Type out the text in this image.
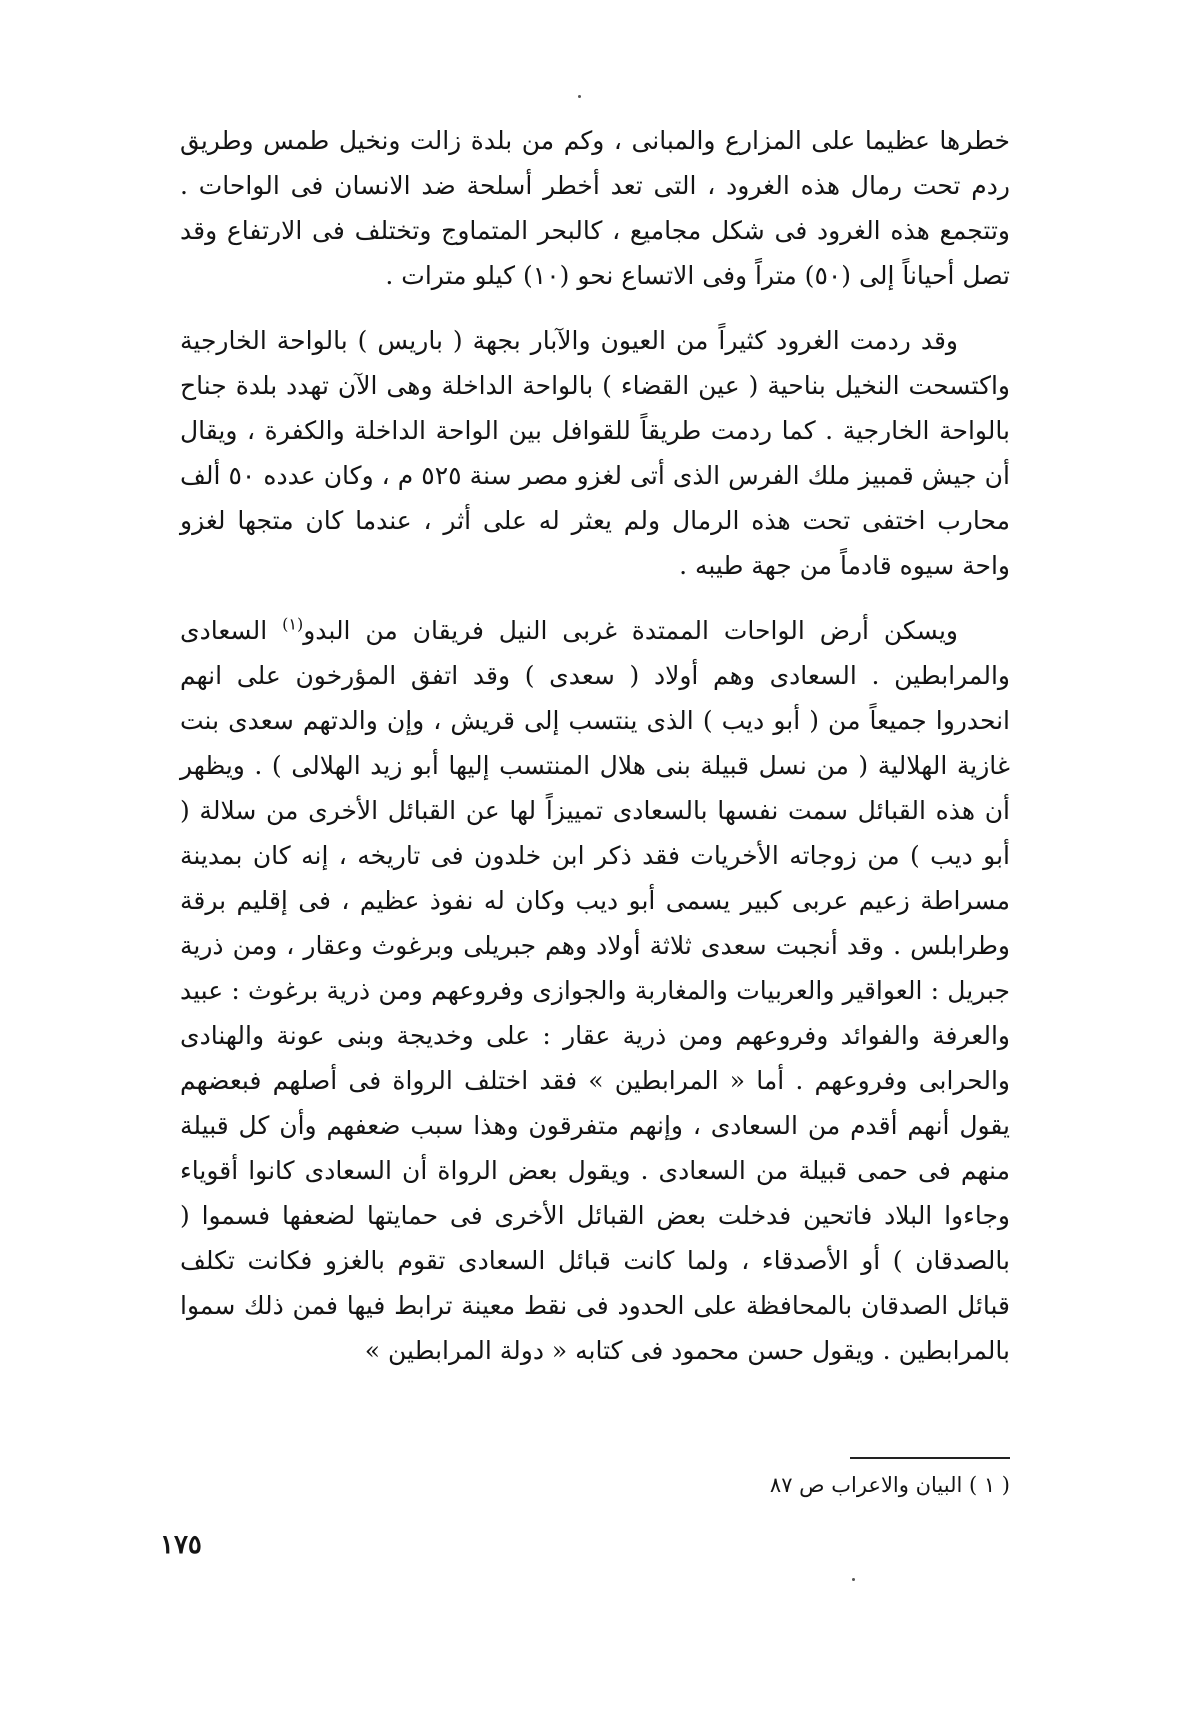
خطرها عظيما على المزارع والمبانى ، وكم من بلدة زالت ونخيل طمس وطريق ردم تحت رمال هذه الغرود ، التى تعد أخطر أسلحة ضد الانسان فى الواحات . وتتجمع هذه الغرود فى شكل مجاميع ، كالبحر المتماوج وتختلف فى الارتفاع وقد تصل أحياناً إلى (٥٠) متراً وفى الاتساع نحو (١٠) كيلو مترات .

وقد ردمت الغرود كثيراً من العيون والآبار بجهة ( باريس ) بالواحة الخارجية واكتسحت النخيل بناحية ( عين القضاء ) بالواحة الداخلة وهى الآن تهدد بلدة جناح بالواحة الخارجية . كما ردمت طريقاً للقوافل بين الواحة الداخلة والكفرة ، ويقال أن جيش قمبيز ملك الفرس الذى أتى لغزو مصر سنة ٥٢٥ م ، وكان عدده ٥٠ ألف محارب اختفى تحت هذه الرمال ولم يعثر له على أثر ، عندما كان متجها لغزو واحة سيوه قادماً من جهة طيبه .

ويسكن أرض الواحات الممتدة غربى النيل فريقان من البدو$^{(١)}$ السعادى والمرابطين . السعادى وهم أولاد ( سعدى ) وقد اتفق المؤرخون على انهم انحدروا جميعاً من ( أبو ديب ) الذى ينتسب إلى قريش ، وإن والدتهم سعدى بنت غازية الهلالية ( من نسل قبيلة بنى هلال المنتسب إليها أبو زيد الهلالى ) . ويظهر أن هذه القبائل سمت نفسها بالسعادى تمييزاً لها عن القبائل الأخرى من سلالة ( أبو ديب ) من زوجاته الأخريات فقد ذكر ابن خلدون فى تاريخه ، إنه كان بمدينة مسراطة زعيم عربى كبير يسمى أبو ديب وكان له نفوذ عظيم ، فى إقليم برقة وطرابلس . وقد أنجبت سعدى ثلاثة أولاد وهم جبريلى وبرغوث وعقار ، ومن ذرية جبريل : العواقير والعربيات والمغاربة والجوازى وفروعهم ومن ذرية برغوث : عبيد والعرفة والفوائد وفروعهم ومن ذرية عقار : على وخديجة وبنى عونة والهنادى والحرابى وفروعهم . أما « المرابطين » فقد اختلف الرواة فى أصلهم فبعضهم يقول أنهم أقدم من السعادى ، وإنهم متفرقون وهذا سبب ضعفهم وأن كل قبيلة منهم فى حمى قبيلة من السعادى . ويقول بعض الرواة أن السعادى كانوا أقوياء وجاءوا البلاد فاتحين فدخلت بعض القبائل الأخرى فى حمايتها لضعفها فسموا ( بالصدقان ) أو الأصدقاء ، ولما كانت قبائل السعادى تقوم بالغزو فكانت تكلف قبائل الصدقان بالمحافظة على الحدود فى نقط معينة ترابط فيها فمن ذلك سموا بالمرابطين . ويقول حسن محمود فى كتابه « دولة المرابطين »

( ١ ) البيان والاعراب ص ٨٧
١٧٥
